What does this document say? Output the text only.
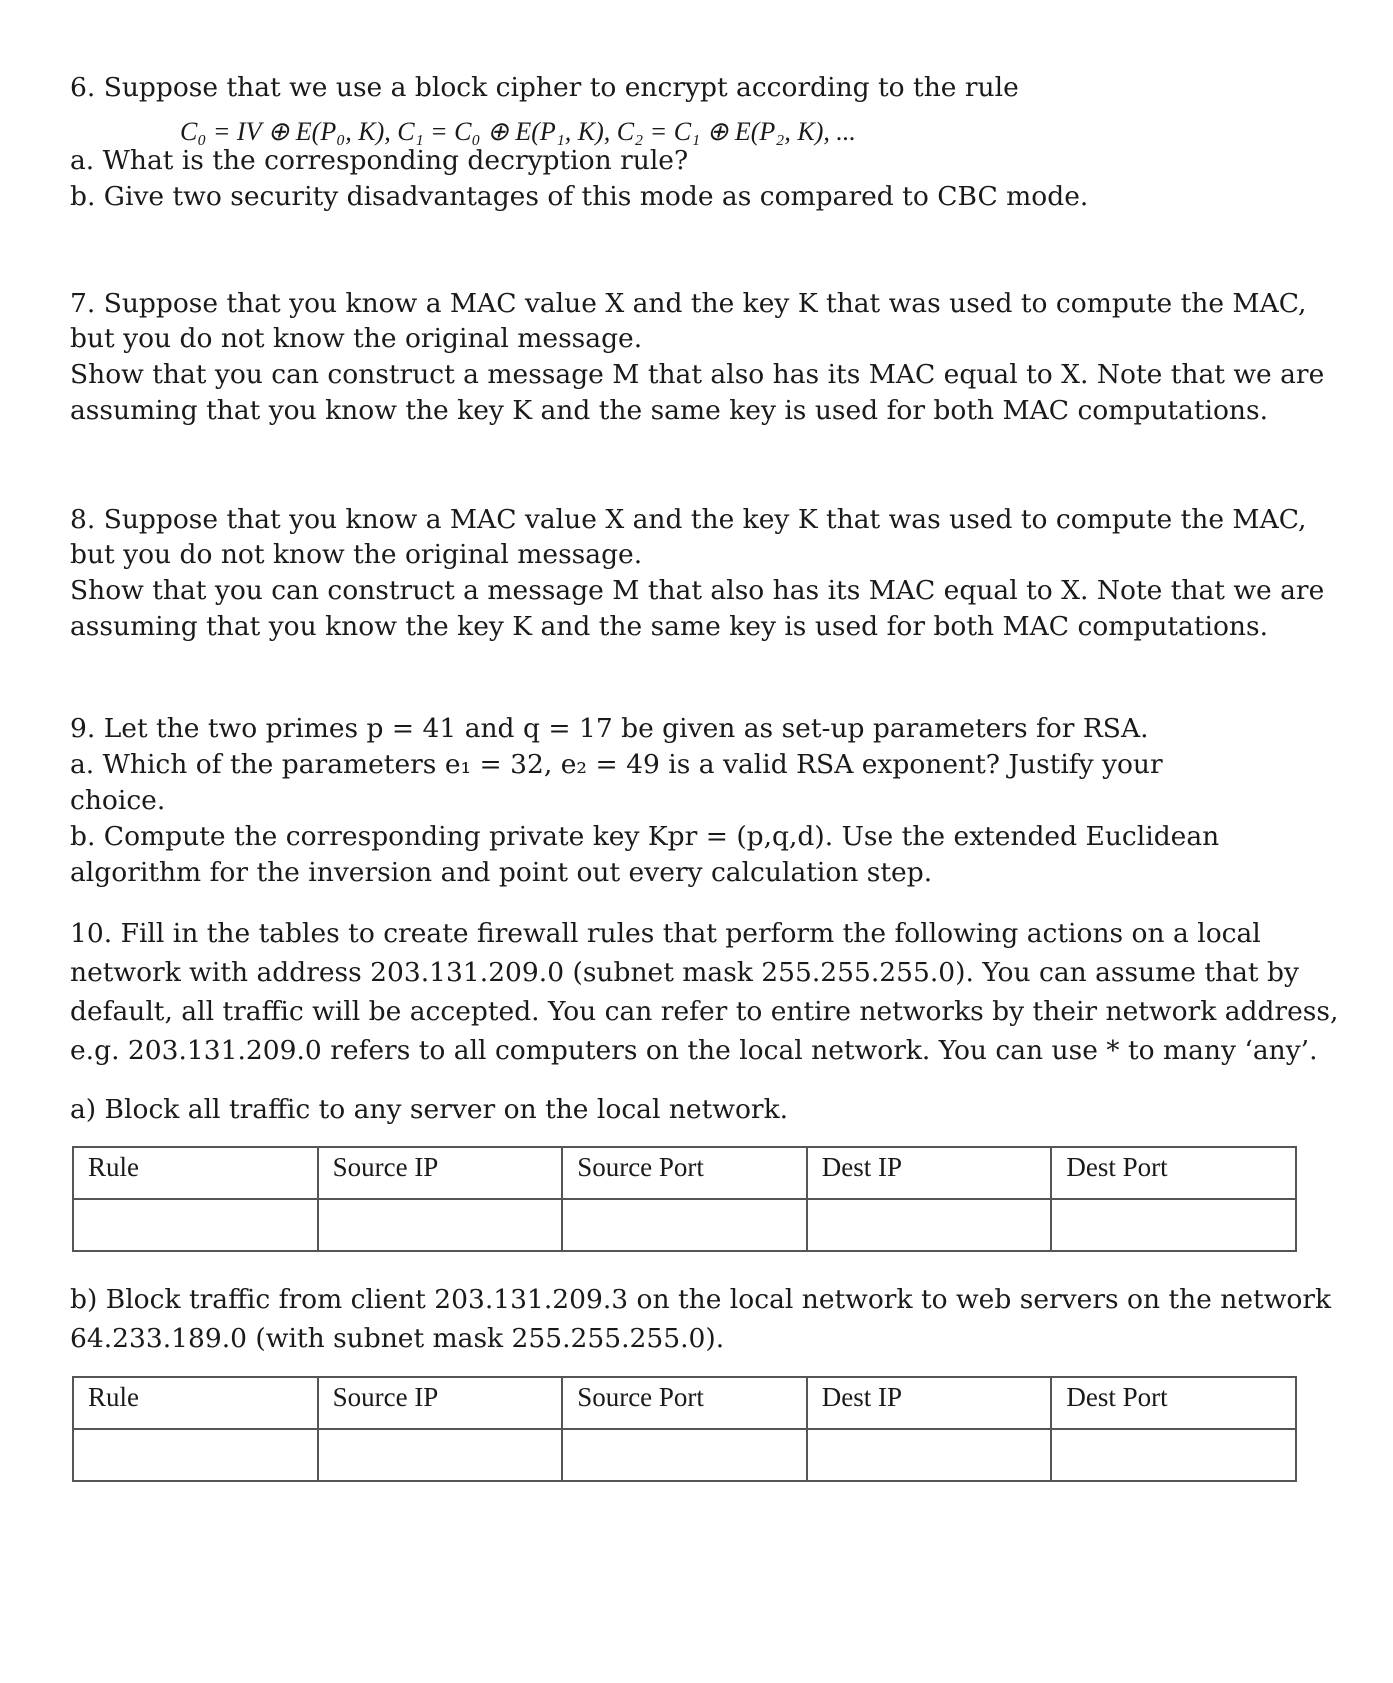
6. Suppose that we use a block cipher to encrypt according to the rule
C₀ = IV ⊕ E(P₀, K), C₁ = C₀ ⊕ E(P₁, K), C₂ = C₁ ⊕ E(P₂, K), ...
a. What is the corresponding decryption rule?
b. Give two security disadvantages of this mode as compared to CBC mode.
7. Suppose that you know a MAC value X and the key K that was used to compute the MAC,
but you do not know the original message.
Show that you can construct a message M that also has its MAC equal to X. Note that we are
assuming that you know the key K and the same key is used for both MAC computations.
8. Suppose that you know a MAC value X and the key K that was used to compute the MAC,
but you do not know the original message.
Show that you can construct a message M that also has its MAC equal to X. Note that we are
assuming that you know the key K and the same key is used for both MAC computations.
9. Let the two primes p = 41 and q = 17 be given as set-up parameters for RSA.
a. Which of the parameters e₁ = 32, e₂ = 49 is a valid RSA exponent? Justify your
choice.
b. Compute the corresponding private key Kpr = (p,q,d). Use the extended Euclidean
algorithm for the inversion and point out every calculation step.
10. Fill in the tables to create firewall rules that perform the following actions on a local
network with address 203.131.209.0 (subnet mask 255.255.255.0). You can assume that by
default, all traffic will be accepted. You can refer to entire networks by their network address,
e.g. 203.131.209.0 refers to all computers on the local network. You can use * to many ‘any’.
a) Block all traffic to any server on the local network.
Rule	Source IP	Source Port	Dest IP	Dest Port

b) Block traffic from client 203.131.209.3 on the local network to web servers on the network
64.233.189.0 (with subnet mask 255.255.255.0).
Rule	Source IP	Source Port	Dest IP	Dest Port
